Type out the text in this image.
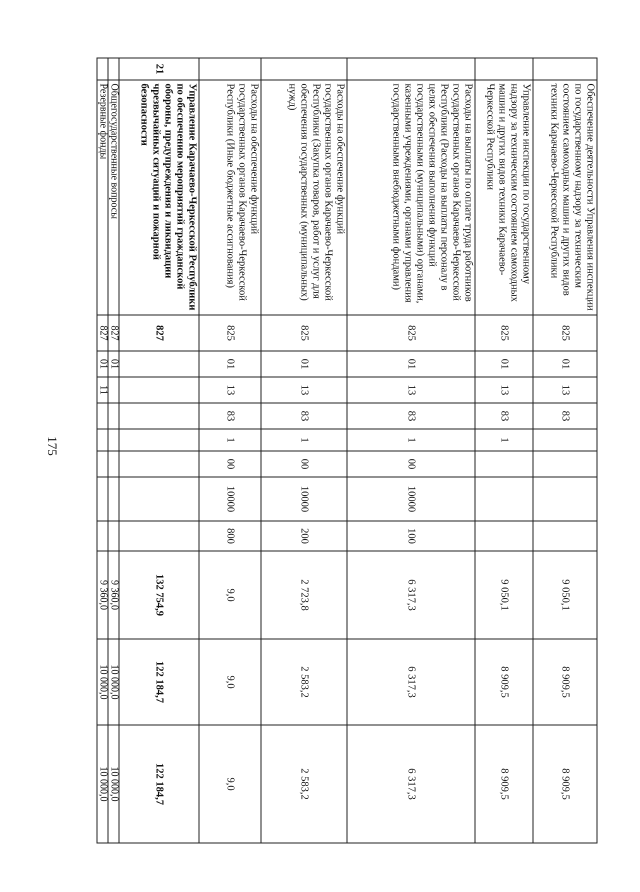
175
	Обеспечение деятельности Управления инспекции по государственному надзору за техническим состоянием самоходных машин и других видов техники Карачаево-Черкесской Республики	825	01	13	83					9 050,1	8 909,5	8 909,5
	Управление инспекции по государственному надзору за техническим состоянием самоходных машин и других видов техники Карачаево-Черкесской Республики	825	01	13	83	1				9 050,1	8 909,5	8 909,5
	Расходы на выплаты по оплате труда работников государственных органов Карачаево-Черкесской Республики (Расходы на выплаты персоналу в целях обеспечения выполнения функций государственными (муниципальными) органами, казенными учреждениями, органами управления государственными внебюджетными фондами)	825	01	13	83	1	00	10000	100	6 317,3	6 317,3	6 317,3
	Расходы на обеспечение функций государственных органов Карачаево-Черкесской Республики (Закупка товаров, работ и услуг для обеспечения государственных (муниципальных) нужд)	825	01	13	83	1	00	10000	200	2 723,8	2 583,2	2 583,2
	Расходы на обеспечение функций государственных органов Карачаево-Черкесской Республики (Иные бюджетные ассигнования)	825	01	13	83	1	00	10000	800	9,0	9,0	9,0
21	Управление Карачаево-Черкесской Республики по обеспечению мероприятий гражданской обороны, предупреждения и ликвидации чрезвычайных ситуаций и пожарной безопасности	827								132 754,9	122 184,7	122 184,7
	Общегосударственные вопросы	827	01							9 360,0	10 000,0	10 000,0
	Резервные фонды	827	01	11						9 360,0	10 000,0	10 000,0
